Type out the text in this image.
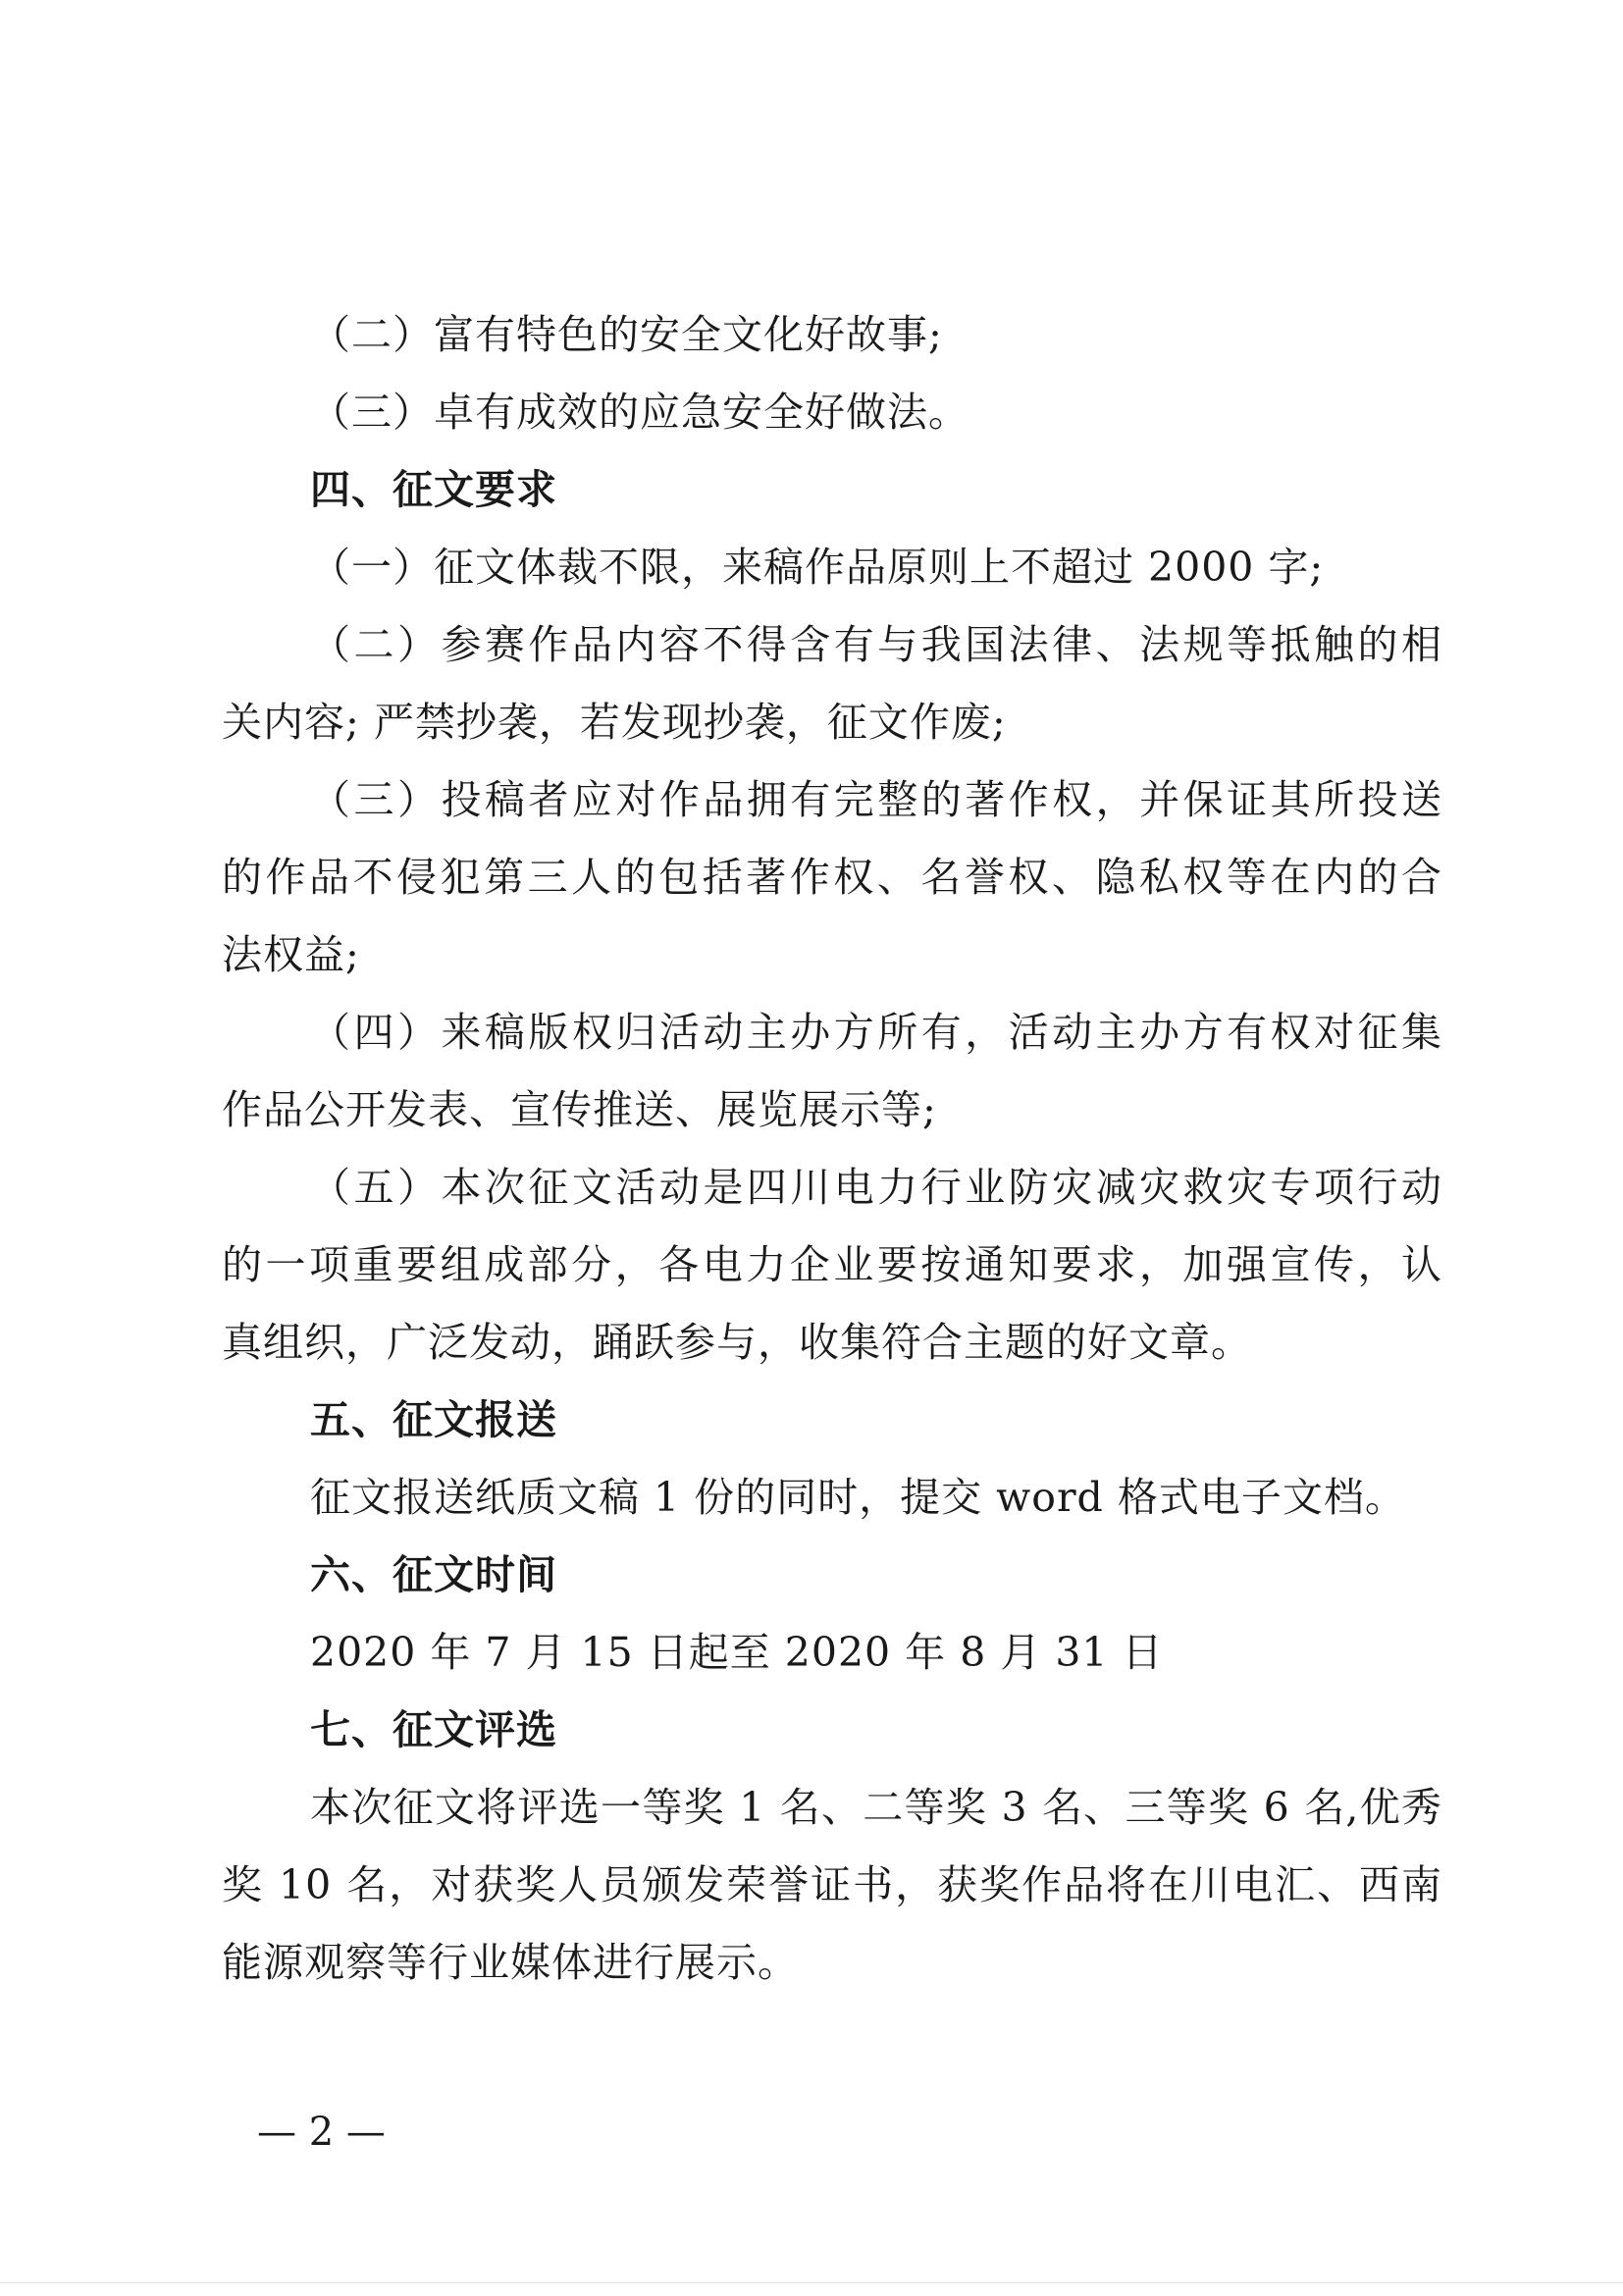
（二）富有特色的安全文化好故事;
（三）卓有成效的应急安全好做法。
四、征文要求
（一）征文体裁不限，来稿作品原则上不超过 2000 字;
（二）参赛作品内容不得含有与我国法律、法规等抵触的相
关内容; 严禁抄袭，若发现抄袭，征文作废;
（三）投稿者应对作品拥有完整的著作权，并保证其所投送
的作品不侵犯第三人的包括著作权、名誉权、隐私权等在内的合
法权益;
（四）来稿版权归活动主办方所有，活动主办方有权对征集
作品公开发表、宣传推送、展览展示等;
（五）本次征文活动是四川电力行业防灾减灾救灾专项行动
的一项重要组成部分，各电力企业要按通知要求，加强宣传，认
真组织，广泛发动，踊跃参与，收集符合主题的好文章。
五、征文报送
征文报送纸质文稿 1 份的同时，提交 word 格式电子文档。
六、征文时间
2020 年 7 月 15 日起至 2020 年 8 月 31 日
七、征文评选
本次征文将评选一等奖 1 名、二等奖 3 名、三等奖 6 名,优秀
奖 10 名，对获奖人员颁发荣誉证书，获奖作品将在川电汇、西南
能源观察等行业媒体进行展示。
— 2 —
